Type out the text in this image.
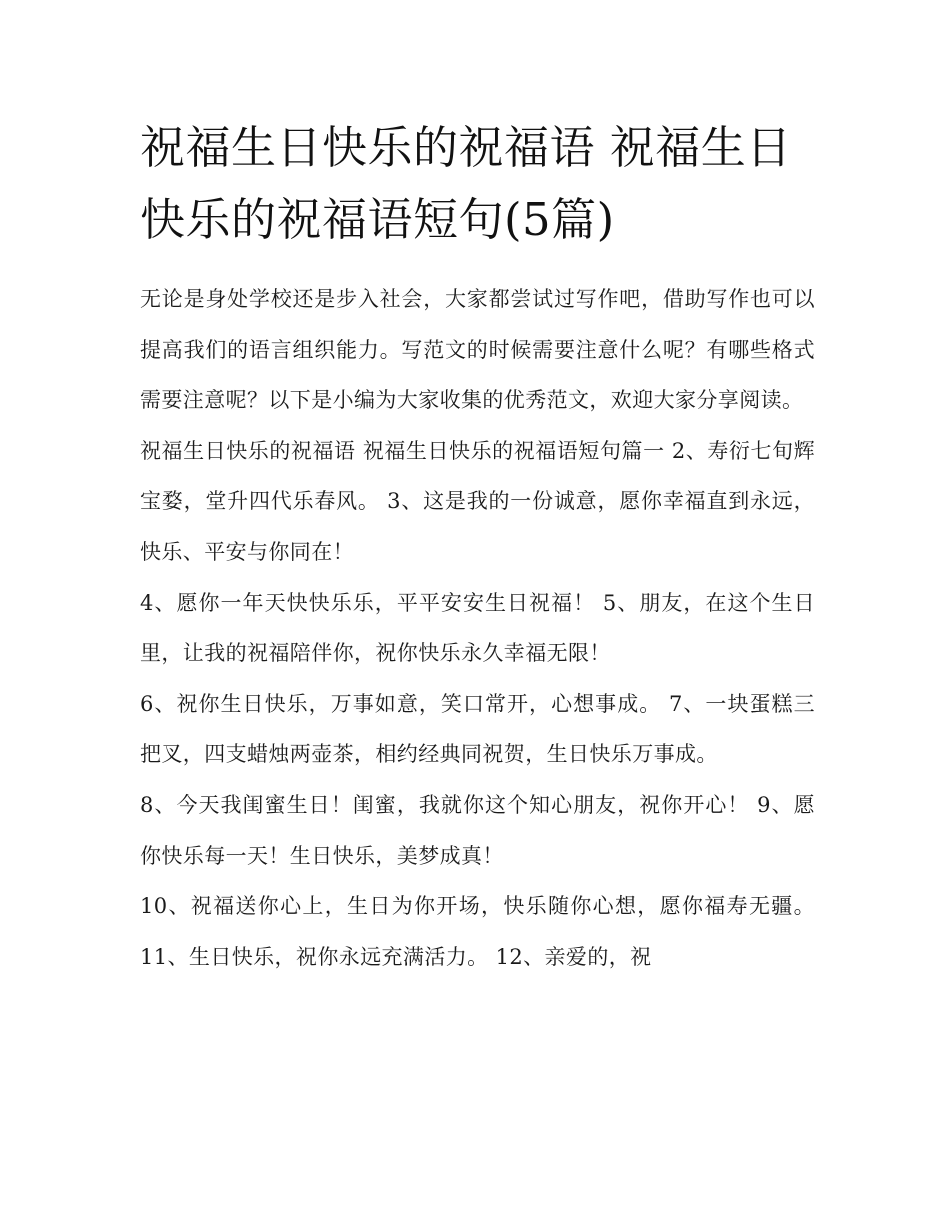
祝福生日快乐的祝福语 祝福生日快乐的祝福语短句(5篇)

无论是身处学校还是步入社会，大家都尝试过写作吧，借助写作也可以提高我们的语言组织能力。写范文的时候需要注意什么呢？有哪些格式需要注意呢？以下是小编为大家收集的优秀范文，欢迎大家分享阅读。

祝福生日快乐的祝福语 祝福生日快乐的祝福语短句篇一 2、寿衍七旬辉宝婺，堂升四代乐春风。 3、这是我的一份诚意，愿你幸福直到永远，快乐、平安与你同在！

4、愿你一年天快快乐乐，平平安安生日祝福！ 5、朋友，在这个生日里，让我的祝福陪伴你，祝你快乐永久幸福无限！

6、祝你生日快乐，万事如意，笑口常开，心想事成。 7、一块蛋糕三把叉，四支蜡烛两壶茶，相约经典同祝贺，生日快乐万事成。

8、今天我闺蜜生日！闺蜜，我就你这个知心朋友，祝你开心！ 9、愿你快乐每一天！生日快乐，美梦成真！

10、祝福送你心上，生日为你开场，快乐随你心想，愿你福寿无疆。 11、生日快乐，祝你永远充满活力。 12、亲爱的，祝
